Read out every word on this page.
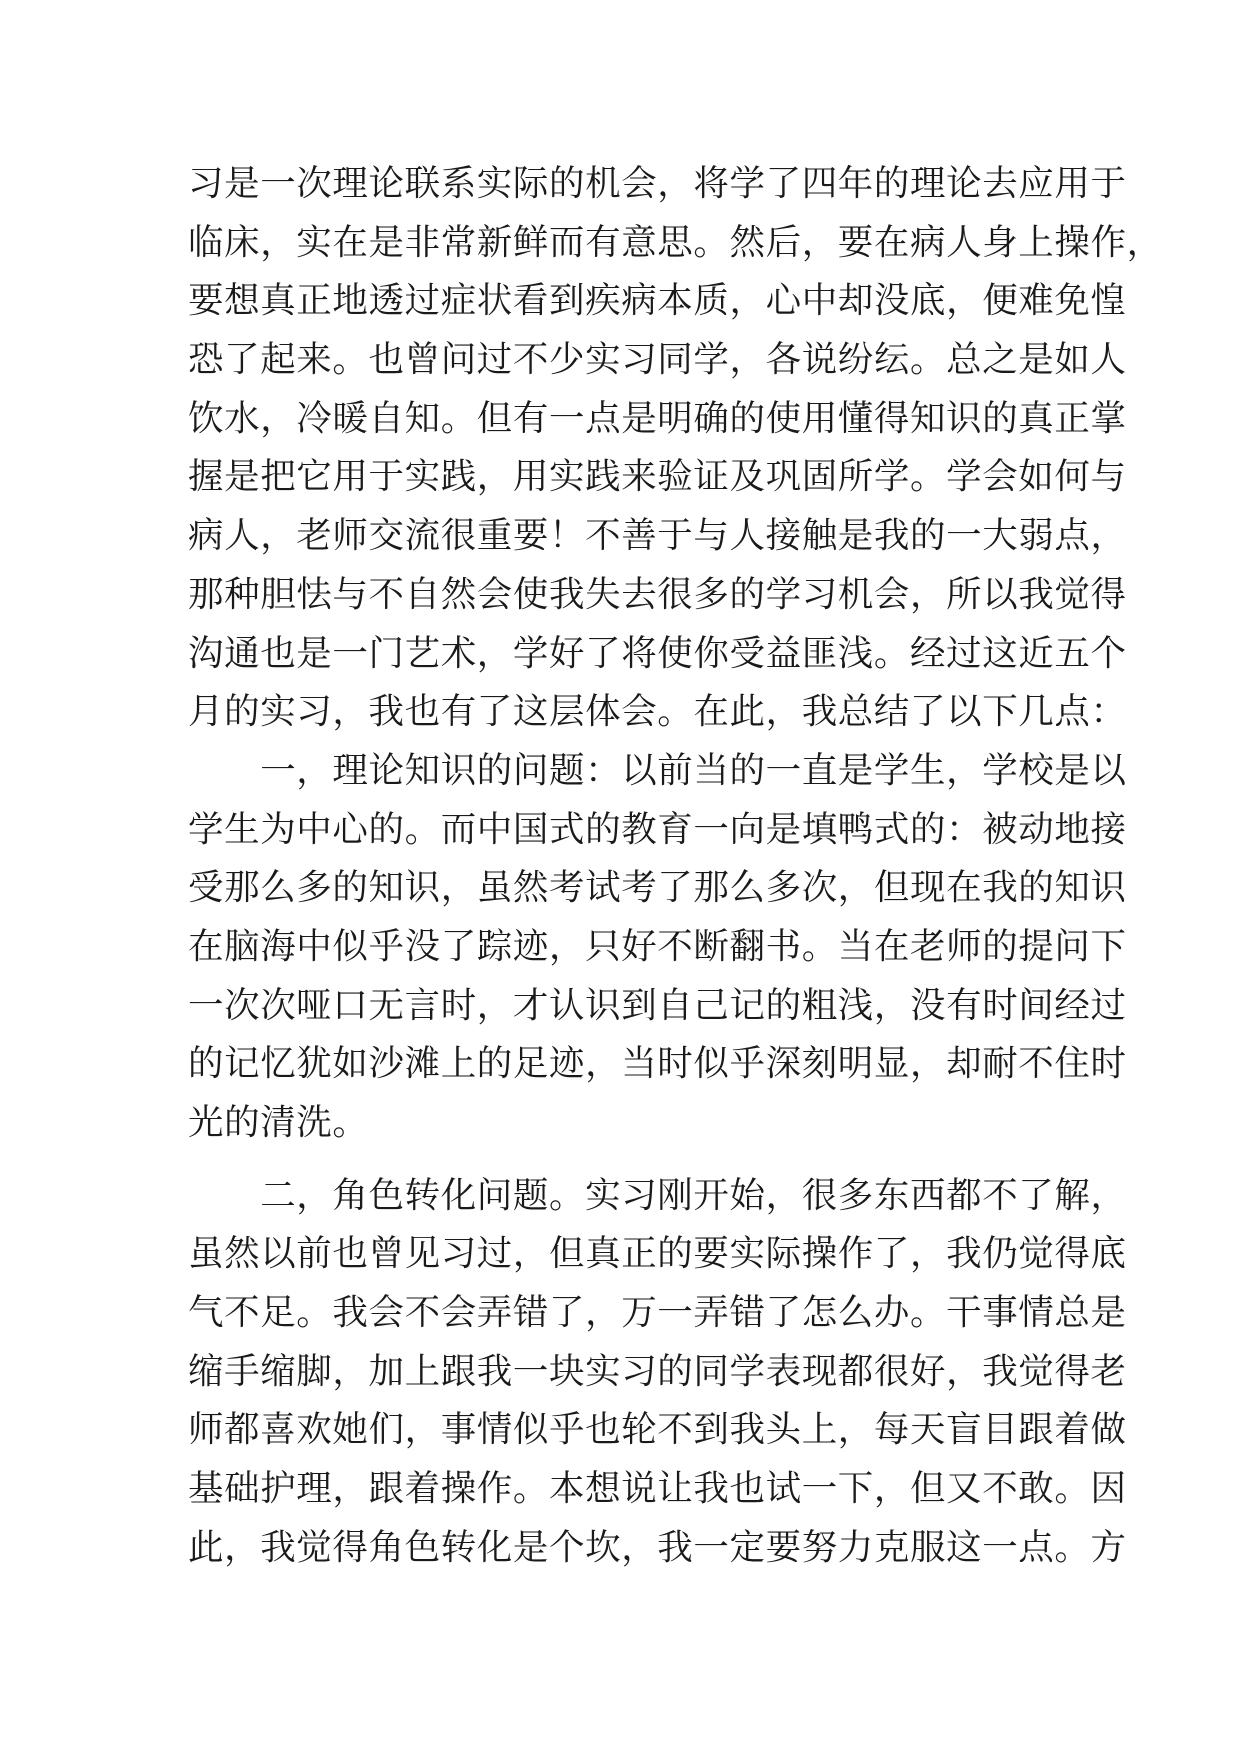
习是一次理论联系实际的机会，将学了四年的理论去应用于
临床，实在是非常新鲜而有意思。然后，要在病人身上操作，
要想真正地透过症状看到疾病本质，心中却没底，便难免惶
恐了起来。也曾问过不少实习同学，各说纷纭。总之是如人
饮水，冷暖自知。但有一点是明确的使用懂得知识的真正掌
握是把它用于实践，用实践来验证及巩固所学。学会如何与
病人，老师交流很重要！不善于与人接触是我的一大弱点，
那种胆怯与不自然会使我失去很多的学习机会，所以我觉得
沟通也是一门艺术，学好了将使你受益匪浅。经过这近五个
月的实习，我也有了这层体会。在此，我总结了以下几点：
　　一，理论知识的问题：以前当的一直是学生，学校是以
学生为中心的。而中国式的教育一向是填鸭式的：被动地接
受那么多的知识，虽然考试考了那么多次，但现在我的知识
在脑海中似乎没了踪迹，只好不断翻书。当在老师的提问下
一次次哑口无言时，才认识到自己记的粗浅，没有时间经过
的记忆犹如沙滩上的足迹，当时似乎深刻明显，却耐不住时
光的清洗。
　　二，角色转化问题。实习刚开始，很多东西都不了解，
虽然以前也曾见习过，但真正的要实际操作了，我仍觉得底
气不足。我会不会弄错了，万一弄错了怎么办。干事情总是
缩手缩脚，加上跟我一块实习的同学表现都很好，我觉得老
师都喜欢她们，事情似乎也轮不到我头上，每天盲目跟着做
基础护理，跟着操作。本想说让我也试一下，但又不敢。因
此，我觉得角色转化是个坎，我一定要努力克服这一点。方
